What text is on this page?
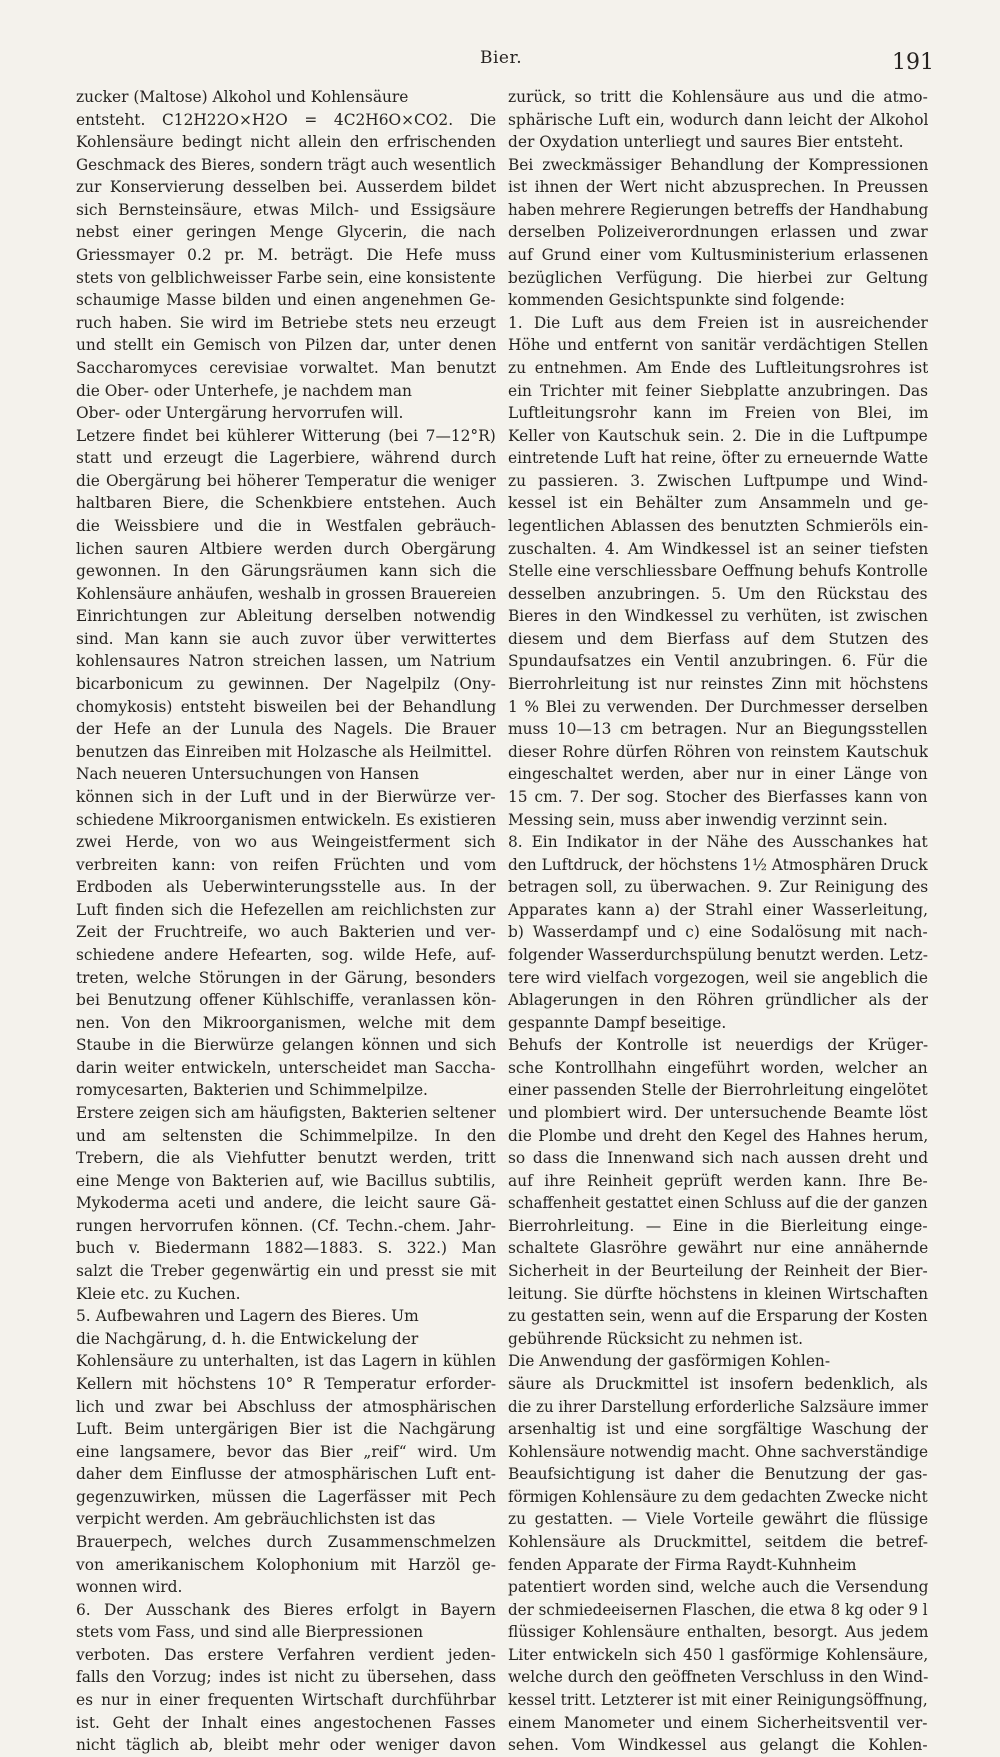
Bier.	191
zucker (Maltose) Alkohol und Kohlensäure
entsteht. C12H22O×H2O = 4C2H6O×CO2. Die
Kohlensäure bedingt nicht allein den erfrischenden
Geschmack des Bieres, sondern trägt auch wesentlich
zur Konservierung desselben bei. Ausserdem bildet
sich Bernsteinsäure, etwas Milch- und Essigsäure
nebst einer geringen Menge Glycerin, die nach
Griessmayer 0.2 pr. M. beträgt. Die Hefe muss
stets von gelblichweisser Farbe sein, eine konsistente
schaumige Masse bilden und einen angenehmen Ge-
ruch haben. Sie wird im Betriebe stets neu erzeugt
und stellt ein Gemisch von Pilzen dar, unter denen
Saccharomyces cerevisiae vorwaltet. Man benutzt
die Ober- oder Unterhefe, je nachdem man
Ober- oder Untergärung hervorrufen will.
Letzere findet bei kühlerer Witterung (bei 7—12°R)
statt und erzeugt die Lagerbiere, während durch
die Obergärung bei höherer Temperatur die weniger
haltbaren Biere, die Schenkbiere entstehen. Auch
die Weissbiere und die in Westfalen gebräuch-
lichen sauren Altbiere werden durch Obergärung
gewonnen. In den Gärungsräumen kann sich die
Kohlensäure anhäufen, weshalb in grossen Brauereien
Einrichtungen zur Ableitung derselben notwendig
sind. Man kann sie auch zuvor über verwittertes
kohlensaures Natron streichen lassen, um Natrium
bicarbonicum zu gewinnen. Der Nagelpilz (Ony-
chomykosis) entsteht bisweilen bei der Behandlung
der Hefe an der Lunula des Nagels. Die Brauer
benutzen das Einreiben mit Holzasche als Heilmittel.
Nach neueren Untersuchungen von Hansen
können sich in der Luft und in der Bierwürze ver-
schiedene Mikroorganismen entwickeln. Es existieren
zwei Herde, von wo aus Weingeistferment sich
verbreiten kann: von reifen Früchten und vom
Erdboden als Ueberwinterungsstelle aus. In der
Luft finden sich die Hefezellen am reichlichsten zur
Zeit der Fruchtreife, wo auch Bakterien und ver-
schiedene andere Hefearten, sog. wilde Hefe, auf-
treten, welche Störungen in der Gärung, besonders
bei Benutzung offener Kühlschiffe, veranlassen kön-
nen. Von den Mikroorganismen, welche mit dem
Staube in die Bierwürze gelangen können und sich
darin weiter entwickeln, unterscheidet man Saccha-
romycesarten, Bakterien und Schimmelpilze.
Erstere zeigen sich am häufigsten, Bakterien seltener
und am seltensten die Schimmelpilze. In den
Trebern, die als Viehfutter benutzt werden, tritt
eine Menge von Bakterien auf, wie Bacillus subtilis,
Mykoderma aceti und andere, die leicht saure Gä-
rungen hervorrufen können. (Cf. Techn.-chem. Jahr-
buch v. Biedermann 1882—1883. S. 322.) Man
salzt die Treber gegenwärtig ein und presst sie mit
Kleie etc. zu Kuchen.
5. Aufbewahren und Lagern des Bieres. Um
die Nachgärung, d. h. die Entwickelung der
Kohlensäure zu unterhalten, ist das Lagern in kühlen
Kellern mit höchstens 10° R Temperatur erforder-
lich und zwar bei Abschluss der atmosphärischen
Luft. Beim untergärigen Bier ist die Nachgärung
eine langsamere, bevor das Bier „reif“ wird. Um
daher dem Einflusse der atmosphärischen Luft ent-
gegenzuwirken, müssen die Lagerfässer mit Pech
verpicht werden. Am gebräuchlichsten ist das
Brauerpech, welches durch Zusammenschmelzen
von amerikanischem Kolophonium mit Harzöl ge-
wonnen wird.
6. Der Ausschank des Bieres erfolgt in Bayern
stets vom Fass, und sind alle Bierpressionen
verboten. Das erstere Verfahren verdient jeden-
falls den Vorzug; indes ist nicht zu übersehen, dass
es nur in einer frequenten Wirtschaft durchführbar
ist. Geht der Inhalt eines angestochenen Fasses
nicht täglich ab, bleibt mehr oder weniger davon
zurück, so tritt die Kohlensäure aus und die atmo-
sphärische Luft ein, wodurch dann leicht der Alkohol
der Oxydation unterliegt und saures Bier entsteht.
Bei zweckmässiger Behandlung der Kompressionen
ist ihnen der Wert nicht abzusprechen. In Preussen
haben mehrere Regierungen betreffs der Handhabung
derselben Polizeiverordnungen erlassen und zwar
auf Grund einer vom Kultusministerium erlassenen
bezüglichen Verfügung. Die hierbei zur Geltung
kommenden Gesichtspunkte sind folgende:
1. Die Luft aus dem Freien ist in ausreichender
Höhe und entfernt von sanitär verdächtigen Stellen
zu entnehmen. Am Ende des Luftleitungsrohres ist
ein Trichter mit feiner Siebplatte anzubringen. Das
Luftleitungsrohr kann im Freien von Blei, im
Keller von Kautschuk sein. 2. Die in die Luftpumpe
eintretende Luft hat reine, öfter zu erneuernde Watte
zu passieren. 3. Zwischen Luftpumpe und Wind-
kessel ist ein Behälter zum Ansammeln und ge-
legentlichen Ablassen des benutzten Schmieröls ein-
zuschalten. 4. Am Windkessel ist an seiner tiefsten
Stelle eine verschliessbare Oeffnung behufs Kontrolle
desselben anzubringen. 5. Um den Rückstau des
Bieres in den Windkessel zu verhüten, ist zwischen
diesem und dem Bierfass auf dem Stutzen des
Spundaufsatzes ein Ventil anzubringen. 6. Für die
Bierrohrleitung ist nur reinstes Zinn mit höchstens
1 % Blei zu verwenden. Der Durchmesser derselben
muss 10—13 cm betragen. Nur an Biegungsstellen
dieser Rohre dürfen Röhren von reinstem Kautschuk
eingeschaltet werden, aber nur in einer Länge von
15 cm. 7. Der sog. Stocher des Bierfasses kann von
Messing sein, muss aber inwendig verzinnt sein.
8. Ein Indikator in der Nähe des Ausschankes hat
den Luftdruck, der höchstens 1½ Atmosphären Druck
betragen soll, zu überwachen. 9. Zur Reinigung des
Apparates kann a) der Strahl einer Wasserleitung,
b) Wasserdampf und c) eine Sodalösung mit nach-
folgender Wasserdurchspülung benutzt werden. Letz-
tere wird vielfach vorgezogen, weil sie angeblich die
Ablagerungen in den Röhren gründlicher als der
gespannte Dampf beseitige.
Behufs der Kontrolle ist neuerdigs der Krüger-
sche Kontrollhahn eingeführt worden, welcher an
einer passenden Stelle der Bierrohrleitung eingelötet
und plombiert wird. Der untersuchende Beamte löst
die Plombe und dreht den Kegel des Hahnes herum,
so dass die Innenwand sich nach aussen dreht und
auf ihre Reinheit geprüft werden kann. Ihre Be-
schaffenheit gestattet einen Schluss auf die der ganzen
Bierrohrleitung. — Eine in die Bierleitung einge-
schaltete Glasröhre gewährt nur eine annähernde
Sicherheit in der Beurteilung der Reinheit der Bier-
leitung. Sie dürfte höchstens in kleinen Wirtschaften
zu gestatten sein, wenn auf die Ersparung der Kosten
gebührende Rücksicht zu nehmen ist.
Die Anwendung der gasförmigen Kohlen-
säure als Druckmittel ist insofern bedenklich, als
die zu ihrer Darstellung erforderliche Salzsäure immer
arsenhaltig ist und eine sorgfältige Waschung der
Kohlensäure notwendig macht. Ohne sachverständige
Beaufsichtigung ist daher die Benutzung der gas-
förmigen Kohlensäure zu dem gedachten Zwecke nicht
zu gestatten. — Viele Vorteile gewährt die flüssige
Kohlensäure als Druckmittel, seitdem die betref-
fenden Apparate der Firma Raydt-Kuhnheim
patentiert worden sind, welche auch die Versendung
der schmiedeeisernen Flaschen, die etwa 8 kg oder 9 l
flüssiger Kohlensäure enthalten, besorgt. Aus jedem
Liter entwickeln sich 450 l gasförmige Kohlensäure,
welche durch den geöffneten Verschluss in den Wind-
kessel tritt. Letzterer ist mit einer Reinigungsöffnung,
einem Manometer und einem Sicherheitsventil ver-
sehen. Vom Windkessel aus gelangt die Kohlen-
